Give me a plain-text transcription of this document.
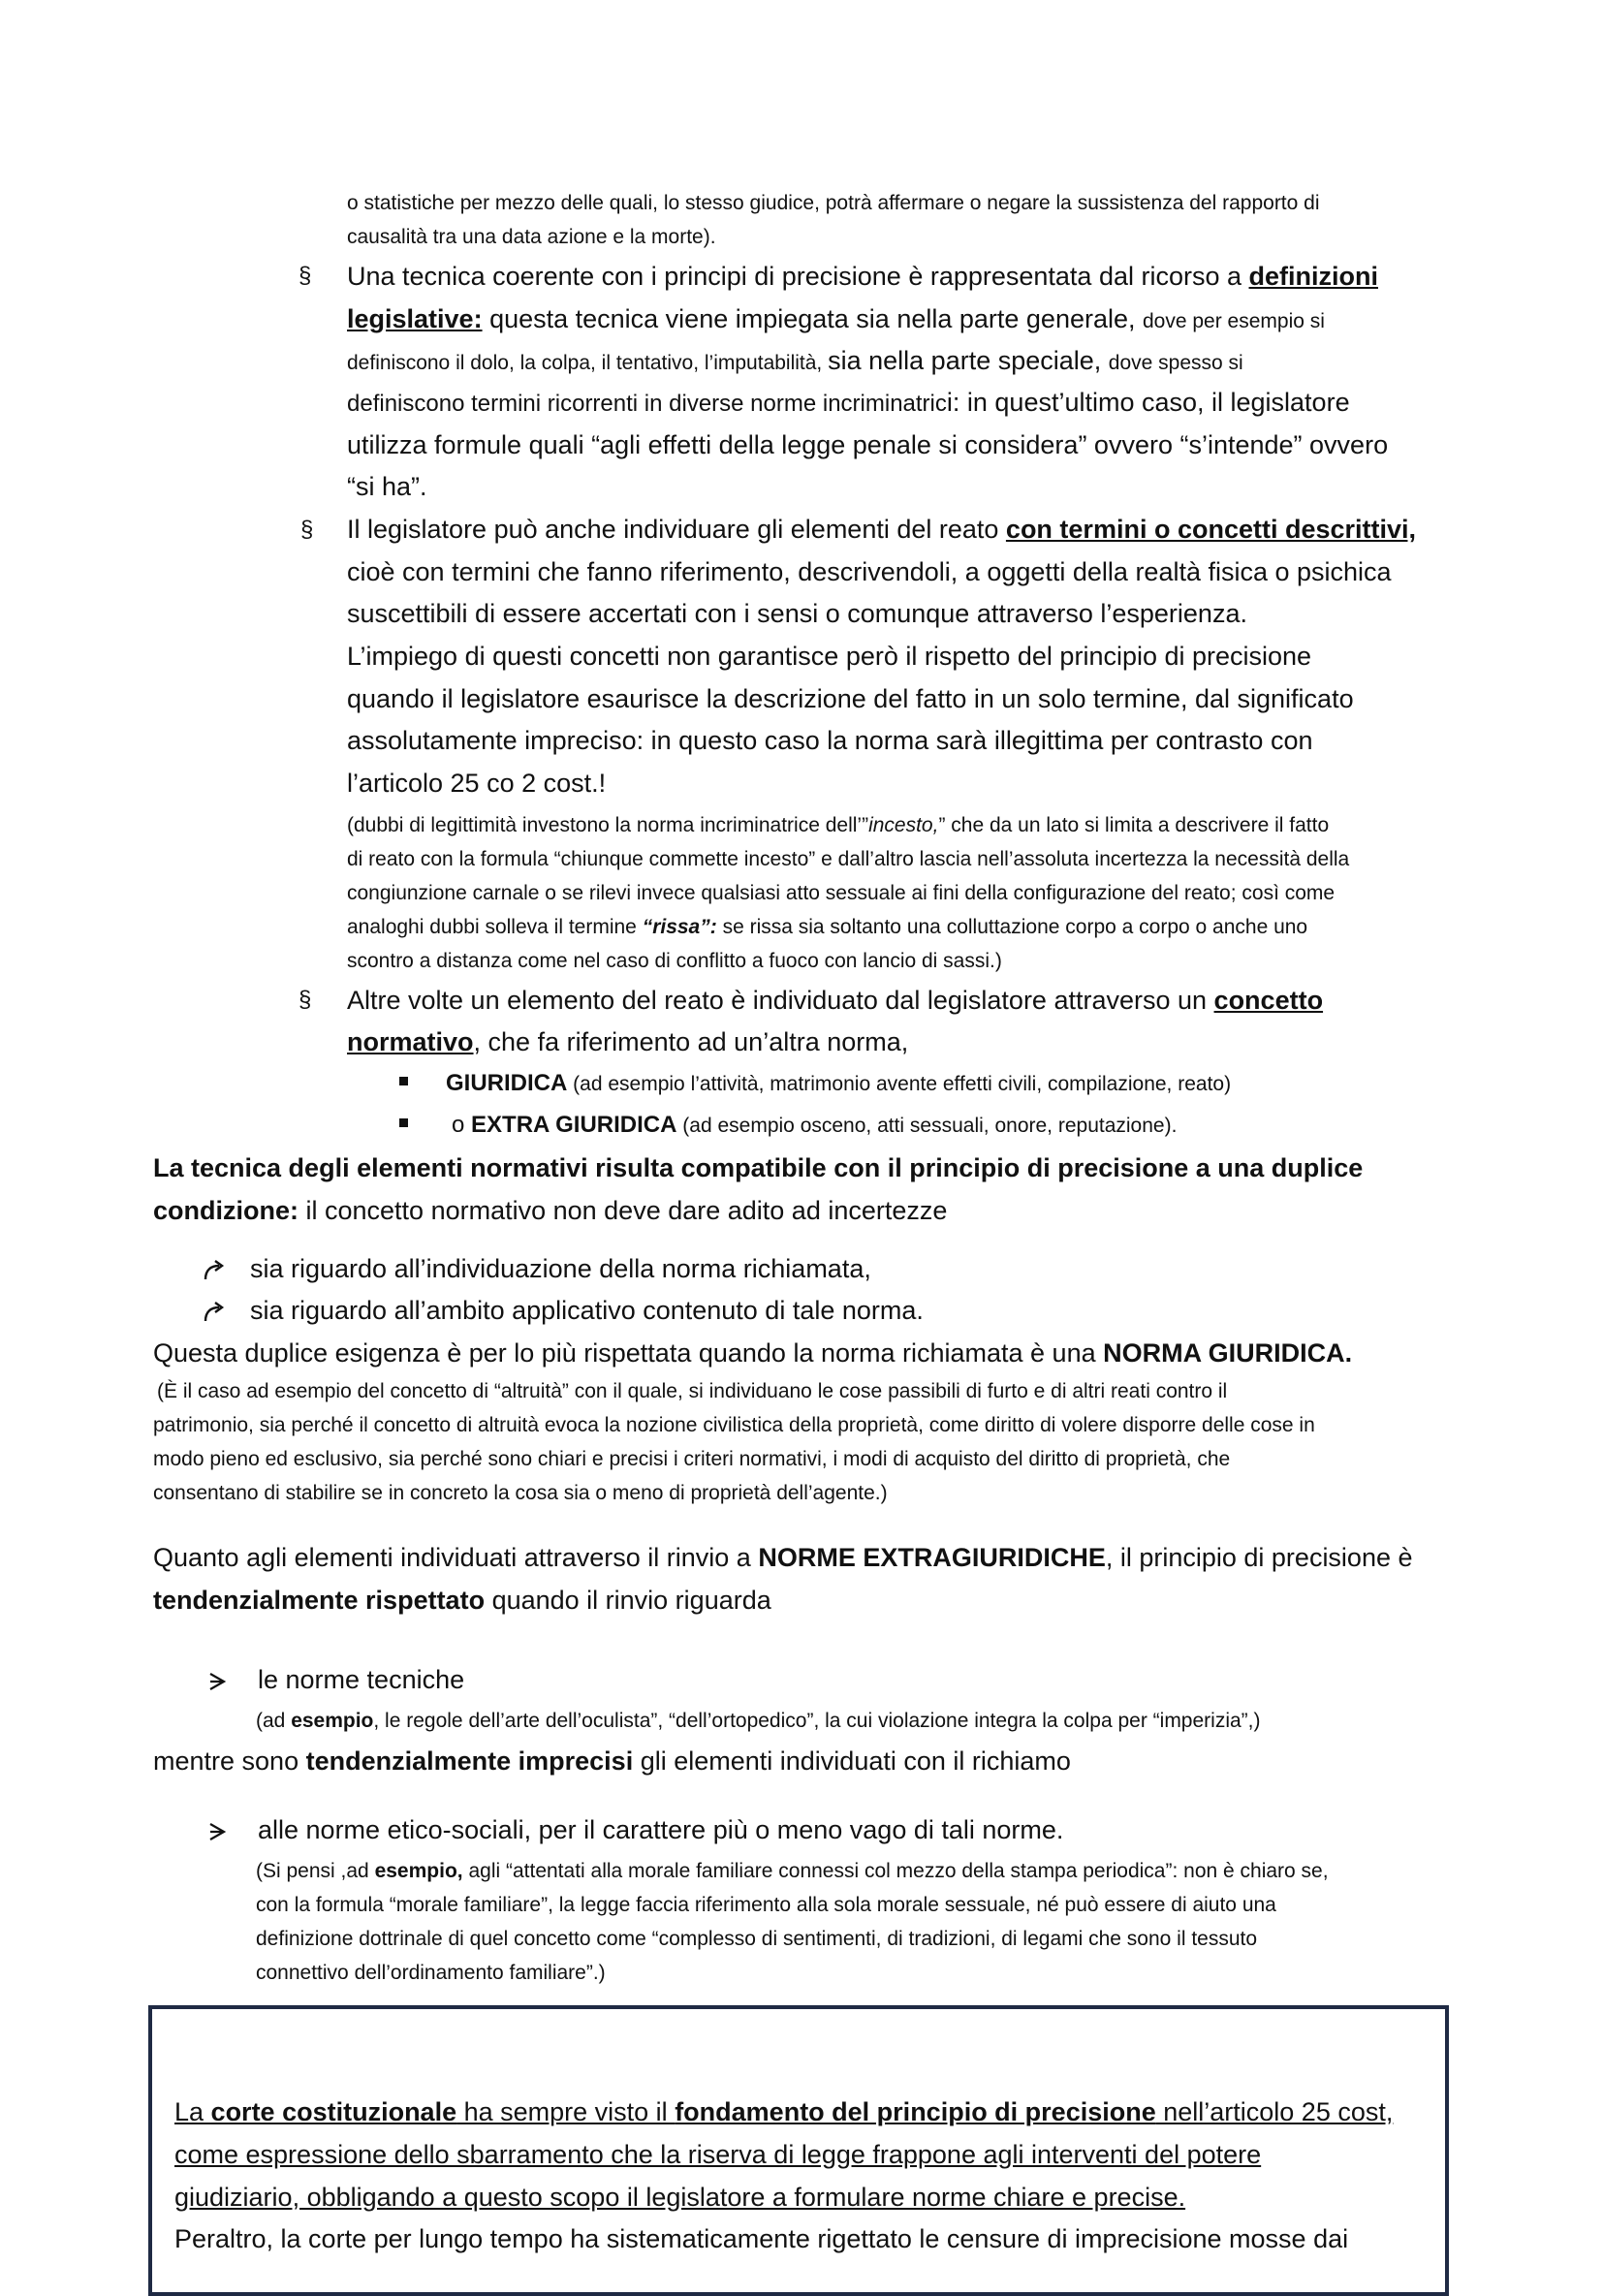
o statistiche per mezzo delle quali, lo stesso giudice, potrà affermare o negare la sussistenza del rapporto di
causalità tra una data azione e la morte).
§ Una tecnica coerente con i principi di precisione è rappresentata dal ricorso a definizioni
legislative: questa tecnica viene impiegata sia nella parte generale, dove per esempio si
definiscono il dolo, la colpa, il tentativo, l’imputabilità, sia nella parte speciale, dove spesso si
definiscono termini ricorrenti in diverse norme incriminatrici: in quest’ultimo caso, il legislatore
utilizza formule quali “agli effetti della legge penale si considera” ovvero “s’intende” ovvero
“si ha”.
§ Il legislatore può anche individuare gli elementi del reato con termini o concetti descrittivi,
cioè con termini che fanno riferimento, descrivendoli, a oggetti della realtà fisica o psichica
suscettibili di essere accertati con i sensi o comunque attraverso l’esperienza.
L’impiego di questi concetti non garantisce però il rispetto del principio di precisione
quando il legislatore esaurisce la descrizione del fatto in un solo termine, dal significato
assolutamente impreciso: in questo caso la norma sarà illegittima per contrasto con
l’articolo 25 co 2 cost.!
(dubbi di legittimità investono la norma incriminatrice dell’”incesto,” che da un lato si limita a descrivere il fatto
di reato con la formula “chiunque commette incesto” e dall’altro lascia nell’assoluta incertezza la necessità della
congiunzione carnale o se rilevi invece qualsiasi atto sessuale ai fini della configurazione del reato; così come
analoghi dubbi solleva il termine “rissa”: se rissa sia soltanto una colluttazione corpo a corpo o anche uno
scontro a distanza come nel caso di conflitto a fuoco con lancio di sassi.)
§ Altre volte un elemento del reato è individuato dal legislatore attraverso un concetto
normativo, che fa riferimento ad un’altra norma,
GIURIDICA (ad esempio l’attività, matrimonio avente effetti civili, compilazione, reato)
o EXTRA GIURIDICA (ad esempio osceno, atti sessuali, onore, reputazione).
La tecnica degli elementi normativi risulta compatibile con il principio di precisione a una duplice
condizione: il concetto normativo non deve dare adito ad incertezze
sia riguardo all’individuazione della norma richiamata,
sia riguardo all’ambito applicativo contenuto di tale norma.
Questa duplice esigenza è per lo più rispettata quando la norma richiamata è una NORMA GIURIDICA.
(È il caso ad esempio del concetto di “altruità” con il quale, si individuano le cose passibili di furto e di altri reati contro il
patrimonio, sia perché il concetto di altruità evoca la nozione civilistica della proprietà, come diritto di volere disporre delle cose in
modo pieno ed esclusivo, sia perché sono chiari e precisi i criteri normativi, i modi di acquisto del diritto di proprietà, che
consentano di stabilire se in concreto la cosa sia o meno di proprietà dell’agente.)
Quanto agli elementi individuati attraverso il rinvio a NORME EXTRAGIURIDICHE, il principio di precisione è
tendenzialmente rispettato quando il rinvio riguarda
le norme tecniche
(ad esempio, le regole dell’arte dell’oculista”, “dell’ortopedico”, la cui violazione integra la colpa per “imperizia”,)
mentre sono tendenzialmente imprecisi gli elementi individuati con il richiamo
alle norme etico-sociali, per il carattere più o meno vago di tali norme.
(Si pensi ,ad esempio, agli “attentati alla morale familiare connessi col mezzo della stampa periodica”: non è chiaro se,
con la formula “morale familiare”, la legge faccia riferimento alla sola morale sessuale, né può essere di aiuto una
definizione dottrinale di quel concetto come “complesso di sentimenti, di tradizioni, di legami che sono il tessuto
connettivo dell’ordinamento familiare”.)
La corte costituzionale ha sempre visto il fondamento del principio di precisione nell’articolo 25 cost,
come espressione dello sbarramento che la riserva di legge frappone agli interventi del potere
giudiziario, obbligando a questo scopo il legislatore a formulare norme chiare e precise.
Peraltro, la corte per lungo tempo ha sistematicamente rigettato le censure di imprecisione mosse dai
